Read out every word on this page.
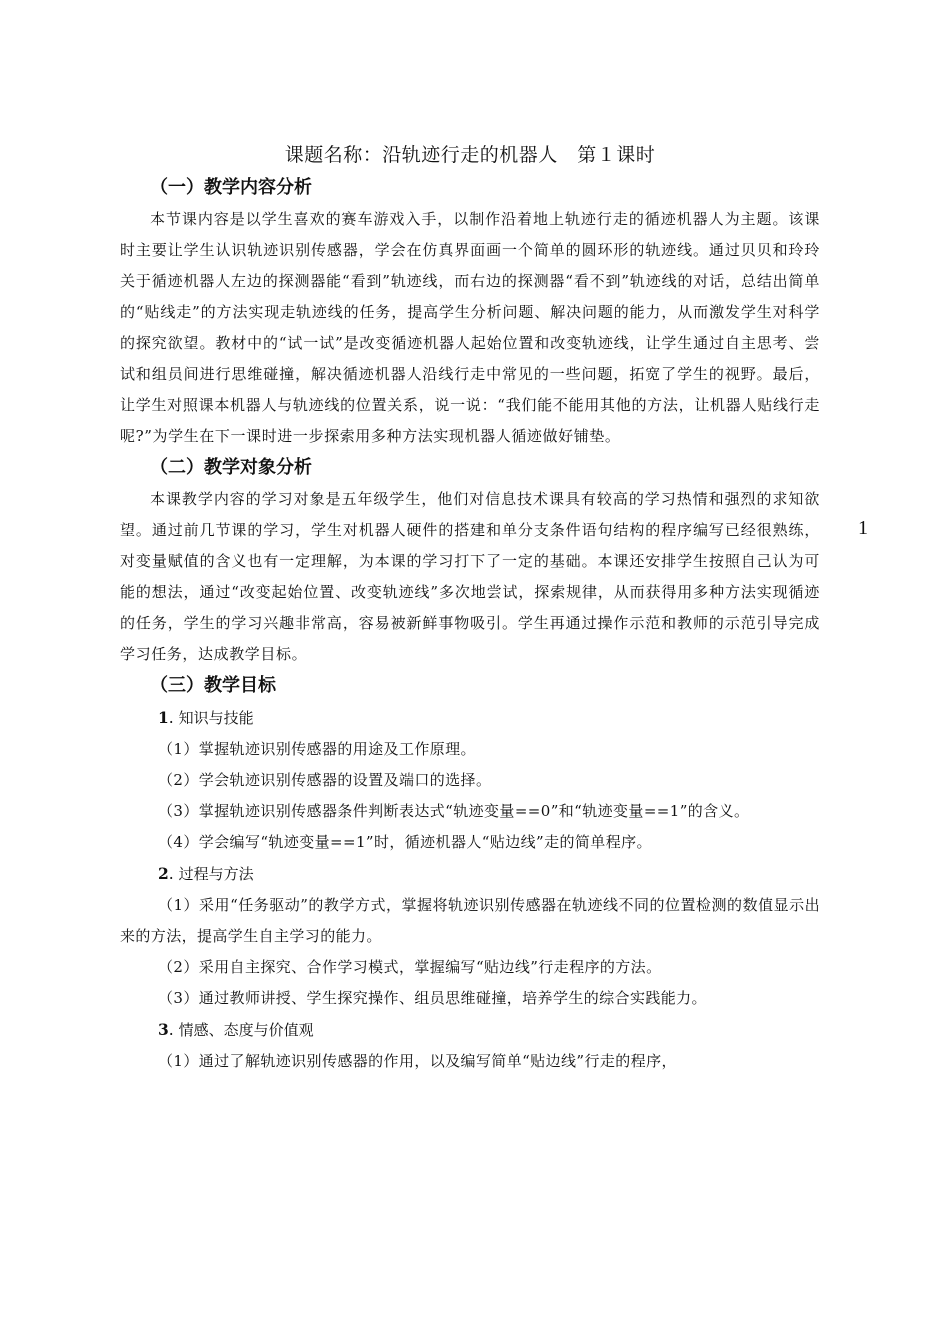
课题名称：沿轨迹行走的机器人　第１课时
（一）教学内容分析

本节课内容是以学生喜欢的赛车游戏入手，以制作沿着地上轨迹行走的循迹机器人为主题。该课时主要让学生认识轨迹识别传感器，学会在仿真界面画一个简单的圆环形的轨迹线。通过贝贝和玲玲关于循迹机器人左边的探测器能“看到”轨迹线，而右边的探测器“看不到”轨迹线的对话，总结出简单的“贴线走”的方法实现走轨迹线的任务，提高学生分析问题、解决问题的能力，从而激发学生对科学的探究欲望。教材中的“试一试”是改变循迹机器人起始位置和改变轨迹线，让学生通过自主思考、尝试和组员间进行思维碰撞，解决循迹机器人沿线行走中常见的一些问题，拓宽了学生的视野。最后，让学生对照课本机器人与轨迹线的位置关系，说一说：“我们能不能用其他的方法，让机器人贴线行走呢?”为学生在下一课时进一步探索用多种方法实现机器人循迹做好铺垫。

（二）教学对象分析

本课教学内容的学习对象是五年级学生，他们对信息技术课具有较高的学习热情和强烈的求知欲望。通过前几节课的学习，学生对机器人硬件的搭建和单分支条件语句结构的程序编写已经很熟练，对变量赋值的含义也有一定理解，为本课的学习打下了一定的基础。本课还安排学生按照自己认为可能的想法，通过“改变起始位置、改变轨迹线”多次地尝试，探索规律，从而获得用多种方法实现循迹的任务，学生的学习兴趣非常高，容易被新鲜事物吸引。学生再通过操作示范和教师的示范引导完成学习任务，达成教学目标。

（三）教学目标
1. 知识与技能

（1）掌握轨迹识别传感器的用途及工作原理。

（2）学会轨迹识别传感器的设置及端口的选择。

（3）掌握轨迹识别传感器条件判断表达式“轨迹变量==0”和“轨迹变量==1”的含义。

（4）学会编写“轨迹变量==1”时，循迹机器人“贴边线”走的简单程序。

2. 过程与方法

（1）采用“任务驱动”的教学方式，掌握将轨迹识别传感器在轨迹线不同的位置检测的数值显示出来的方法，提高学生自主学习的能力。

（2）采用自主探究、合作学习模式，掌握编写“贴边线”行走程序的方法。

（3）通过教师讲授、学生探究操作、组员思维碰撞，培养学生的综合实践能力。

3. 情感、态度与价值观

（1）通过了解轨迹识别传感器的作用，以及编写简单“贴边线”行走的程序，

1
